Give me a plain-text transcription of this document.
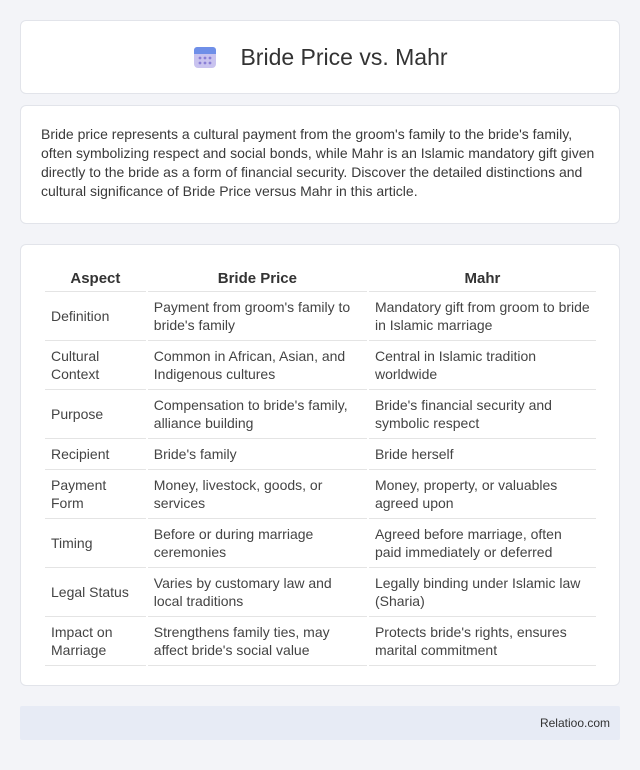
Bride Price vs. Mahr

Bride price represents a cultural payment from the groom's family to the bride's family, often symbolizing respect and social bonds, while Mahr is an Islamic mandatory gift given directly to the bride as a form of financial security. Discover the detailed distinctions and cultural significance of Bride Price versus Mahr in this article.

Aspect	Bride Price	Mahr
Definition	Payment from groom's family to bride's family	Mandatory gift from groom to bride in Islamic marriage
Cultural Context	Common in African, Asian, and Indigenous cultures	Central in Islamic tradition worldwide
Purpose	Compensation to bride's family, alliance building	Bride's financial security and symbolic respect
Recipient	Bride's family	Bride herself
Payment Form	Money, livestock, goods, or services	Money, property, or valuables agreed upon
Timing	Before or during marriage ceremonies	Agreed before marriage, often paid immediately or deferred
Legal Status	Varies by customary law and local traditions	Legally binding under Islamic law (Sharia)
Impact on Marriage	Strengthens family ties, may affect bride's social value	Protects bride's rights, ensures marital commitment
Relatioo.com
